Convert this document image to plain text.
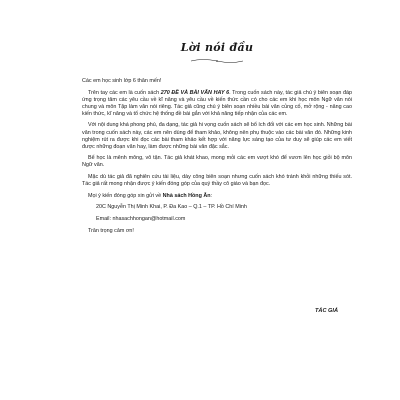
Lời nói đầu

Các em học sinh lớp 6 thân mến!

Trên tay các em là cuốn sách 270 ĐỀ VÀ BÀI VĂN HAY 6. Trong cuốn sách này, tác giả chú ý biên soạn đáp ứng trọng tâm các yêu cầu về kĩ năng và yêu cầu về kiến thức cần có cho các em khi học môn Ngữ văn nói chung và môn Tập làm văn nói riêng. Tác giả cũng chú ý biên soạn nhiều bài văn củng cố, mở rộng - nâng cao kiến thức, kĩ năng và tổ chức hệ thống đề bài gắn với khả năng tiếp nhận của các em.

Với nội dung khá phong phú, đa dạng, tác giả hi vọng cuốn sách sẽ bổ ích đối với các em học sinh. Những bài văn trong cuốn sách này, các em nên dùng để tham khảo, không nên phụ thuộc vào các bài văn đó. Những kinh nghiệm rút ra được khi đọc các bài tham khảo kết hợp với năng lực sáng tạo của tư duy sẽ giúp các em viết được những đoạn văn hay, làm được những bài văn đặc sắc.

Bể học là mênh mông, vô tận. Tác giả khát khao, mong mỏi các em vượt khó để vươn lên học giỏi bộ môn Ngữ văn.

Mặc dù tác giả đã nghiên cứu tài liệu, dày công biên soạn nhưng cuốn sách khó tránh khỏi những thiếu sót. Tác giả rất mong nhận được ý kiến đóng góp của quý thầy cô giáo và bạn đọc.

Mọi ý kiến đóng góp xin gửi về Nhà sách Hồng Ân:

20C Nguyễn Thị Minh Khai, P. Đa Kao – Q.1 – TP. Hồ Chí Minh

Email: nhasachhongan@hotmail.com

Trân trọng cảm ơn!

TÁC GIẢ
